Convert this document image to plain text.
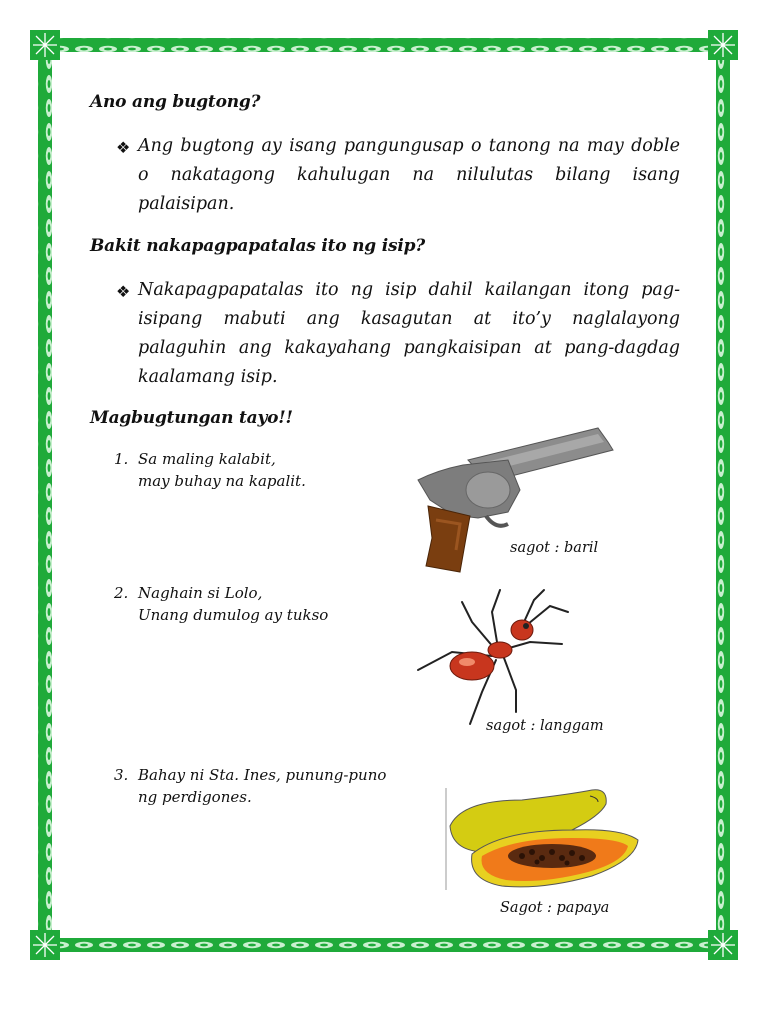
Ano ang bugtong?
❖ Ang bugtong ay isang pangungusap o tanong na may doble o nakatagong kahulugan na nilulutas bilang isang palaisipan.
Bakit nakapagpapatalas ito ng isip?
❖ Nakapagpapatalas ito ng isip dahil kailangan itong pag-isipang mabuti ang kasagutan at ito’y naglalayong palaguhin ang kakayahang pangkaisipan at pang-dagdag kaalamang isip.
Magbugtungan tayo!!
1. Sa maling kalabit,
may buhay na kapalit.
sagot : baril
2. Naghain si Lolo,
Unang dumulog ay tukso
sagot : langgam
3. Bahay ni Sta. Ines, punung-puno
ng perdigones.
Sagot : papaya
